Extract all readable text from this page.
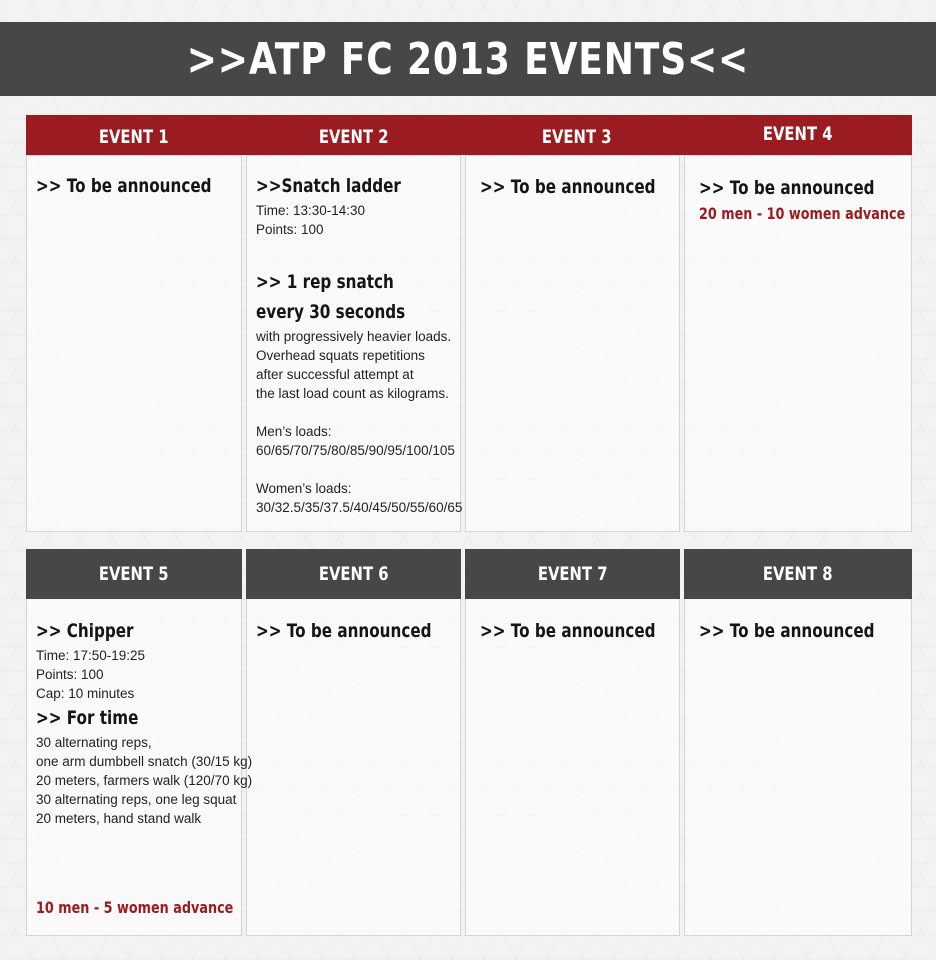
>>ATP FC 2013 EVENTS<<
EVENT 1	EVENT 2	EVENT 3	EVENT 4
EVENT 5	EVENT 6	EVENT 7	EVENT 8
>> To be announced >>Snatch ladder
Time: 13:30-14:30
Points: 100
>> 1 rep snatch
every 30 seconds
with progressively heavier loads.
Overhead squats repetitions
after successful attempt at
the last load count as kilograms.
Men’s loads:
60/65/70/75/80/85/90/95/100/105
Women’s loads:
30/32.5/35/37.5/40/45/50/55/60/65
>> To be announced >> To be announced
20 men - 10 women advance
>> Chipper
Time: 17:50-19:25
Points: 100
Cap: 10 minutes
>> For time
30 alternating reps,
one arm dumbbell snatch (30/15 kg)
20 meters, farmers walk (120/70 kg)
30 alternating reps, one leg squat
20 meters, hand stand walk
10 men - 5 women advance
>> To be announced	>> To be announced >> To be announced
